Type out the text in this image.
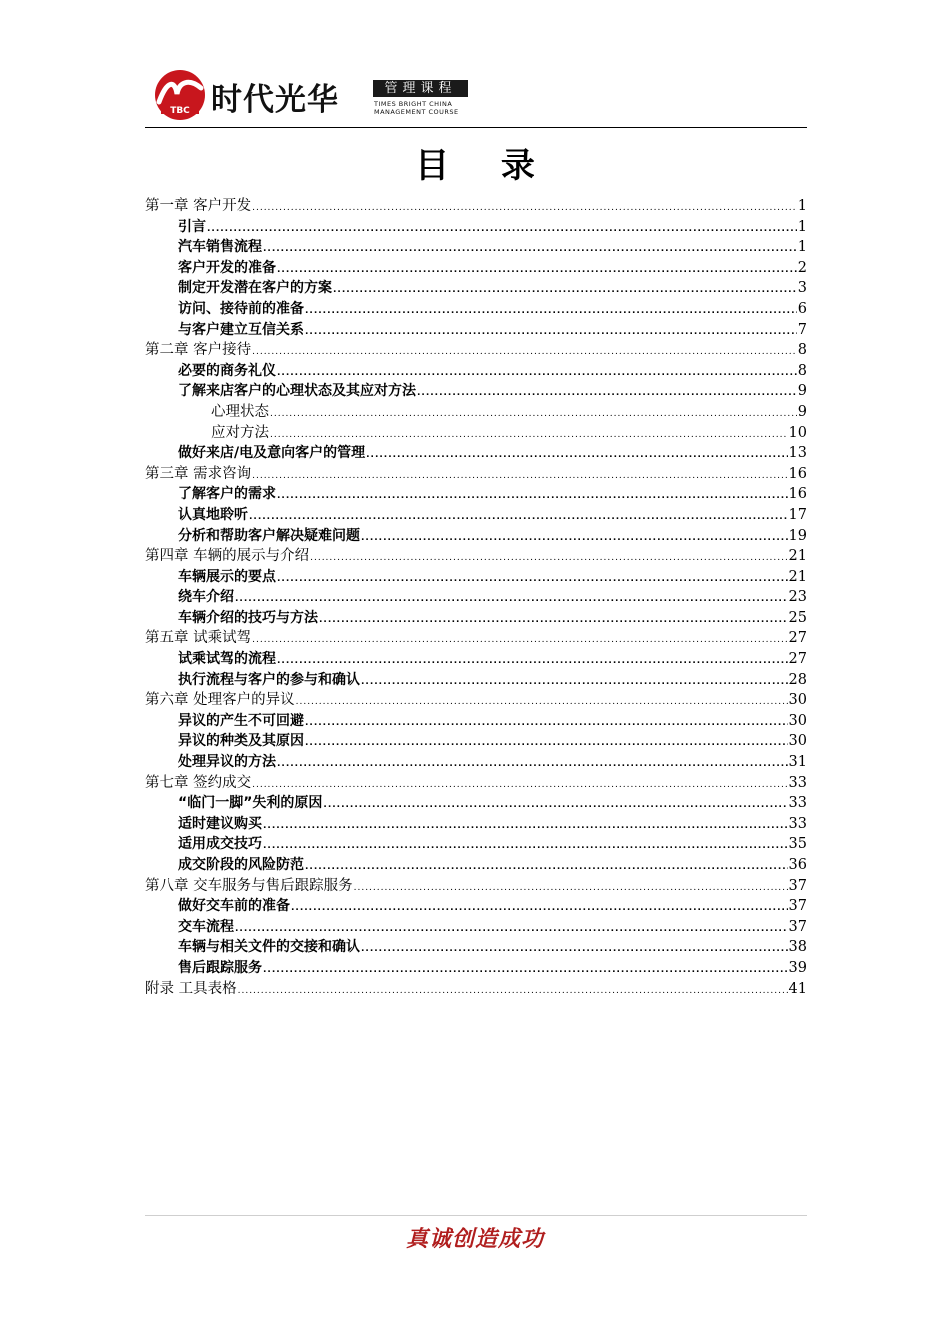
TBC 时代光华	管理课程
TIMES BRIGHT CHINA
MANAGEMENT COURSE
目 录
第一章 客户开发 .....	1
引言 .....	1
汽车销售流程 .....	1
客户开发的准备 .....	2
制定开发潜在客户的方案 .....	3
访问、接待前的准备 .....	6
与客户建立互信关系 .....	7
第二章 客户接待 .....	8
必要的商务礼仪 .....	8
了解来店客户的心理状态及其应对方法 .....	9
心理状态 .....	9
应对方法 .....	10
做好来店/电及意向客户的管理 .....	13
第三章 需求咨询 .....	16
了解客户的需求 .....	16
认真地聆听 .....	17
分析和帮助客户解决疑难问题 .....	19
第四章 车辆的展示与介绍 .....	21
车辆展示的要点 .....	21
绕车介绍 .....	23
车辆介绍的技巧与方法 .....	25
第五章 试乘试驾 .....	27
试乘试驾的流程 .....	27
执行流程与客户的参与和确认 .....	28
第六章 处理客户的异议 .....	30
异议的产生不可回避 .....	30
异议的种类及其原因 .....	30
处理异议的方法 .....	31
第七章 签约成交 .....	33
“临门一脚”失利的原因 .....	33
适时建议购买 .....	33
适用成交技巧 .....	35
成交阶段的风险防范 .....	36
第八章 交车服务与售后跟踪服务 .....	37
做好交车前的准备 .....	37
交车流程 .....	37
车辆与相关文件的交接和确认 .....	38
售后跟踪服务 .....	39
附录 工具表格 .....	41
真诚创造成功
